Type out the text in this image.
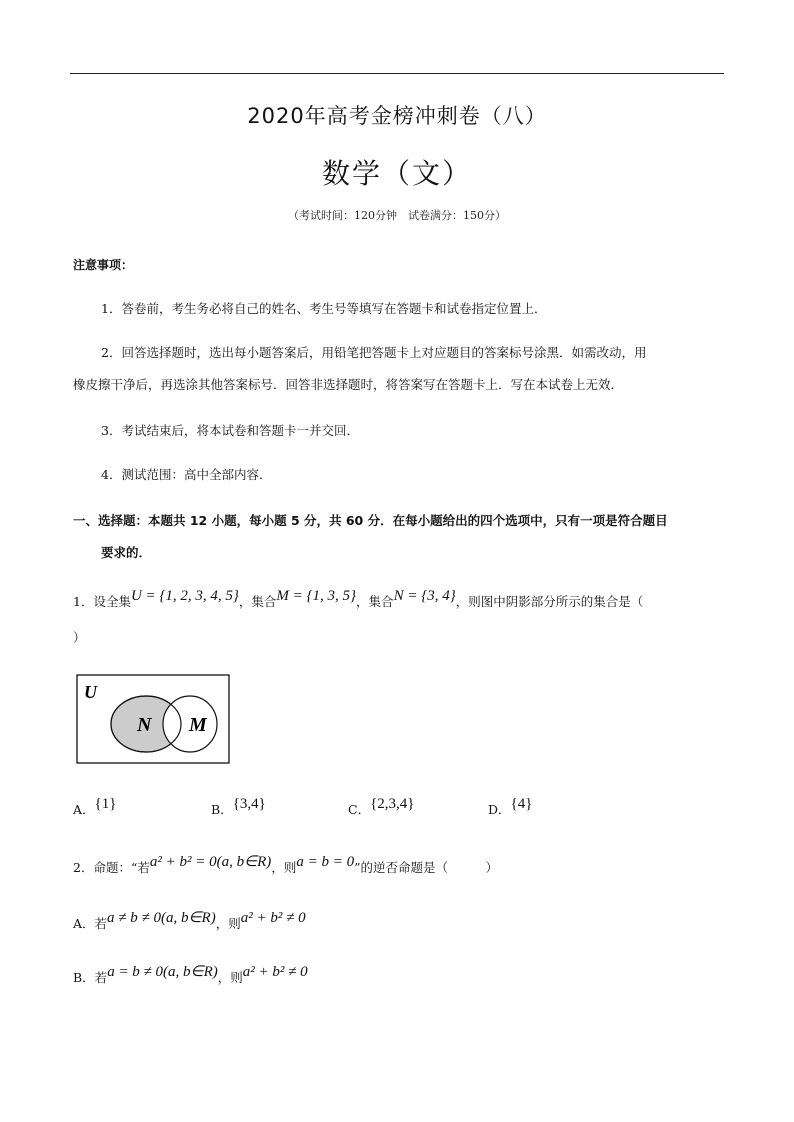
2020年高考金榜冲刺卷（八）
数学（文）
（考试时间：120分钟　试卷满分：150分）
注意事项：
1．答卷前，考生务必将自己的姓名、考生号等填写在答题卡和试卷指定位置上．
2．回答选择题时，选出每小题答案后，用铅笔把答题卡上对应题目的答案标号涂黑．如需改动，用
橡皮擦干净后，再选涂其他答案标号．回答非选择题时，将答案写在答题卡上．写在本试卷上无效．
3．考试结束后，将本试卷和答题卡一并交回．
4．测试范围：高中全部内容．
一、选择题：本题共 12 小题，每小题 5 分，共 60 分．在每小题给出的四个选项中，只有一项是符合题目
要求的．
1．设全集U = {1, 2, 3, 4, 5}，集合M = {1, 3, 5}，集合N = {3, 4}，则图中阴影部分所示的集合是（
）
U
N M
A．{1}	B．{3,4}	C．{2,3,4}	D．{4}
2．命题：“若a² + b² = 0(a, b∈R)，则a = b = 0”的逆否命题是（　　　）
A．若a ≠ b ≠ 0(a, b∈R)，则a² + b² ≠ 0
B．若a = b ≠ 0(a, b∈R)，则a² + b² ≠ 0
